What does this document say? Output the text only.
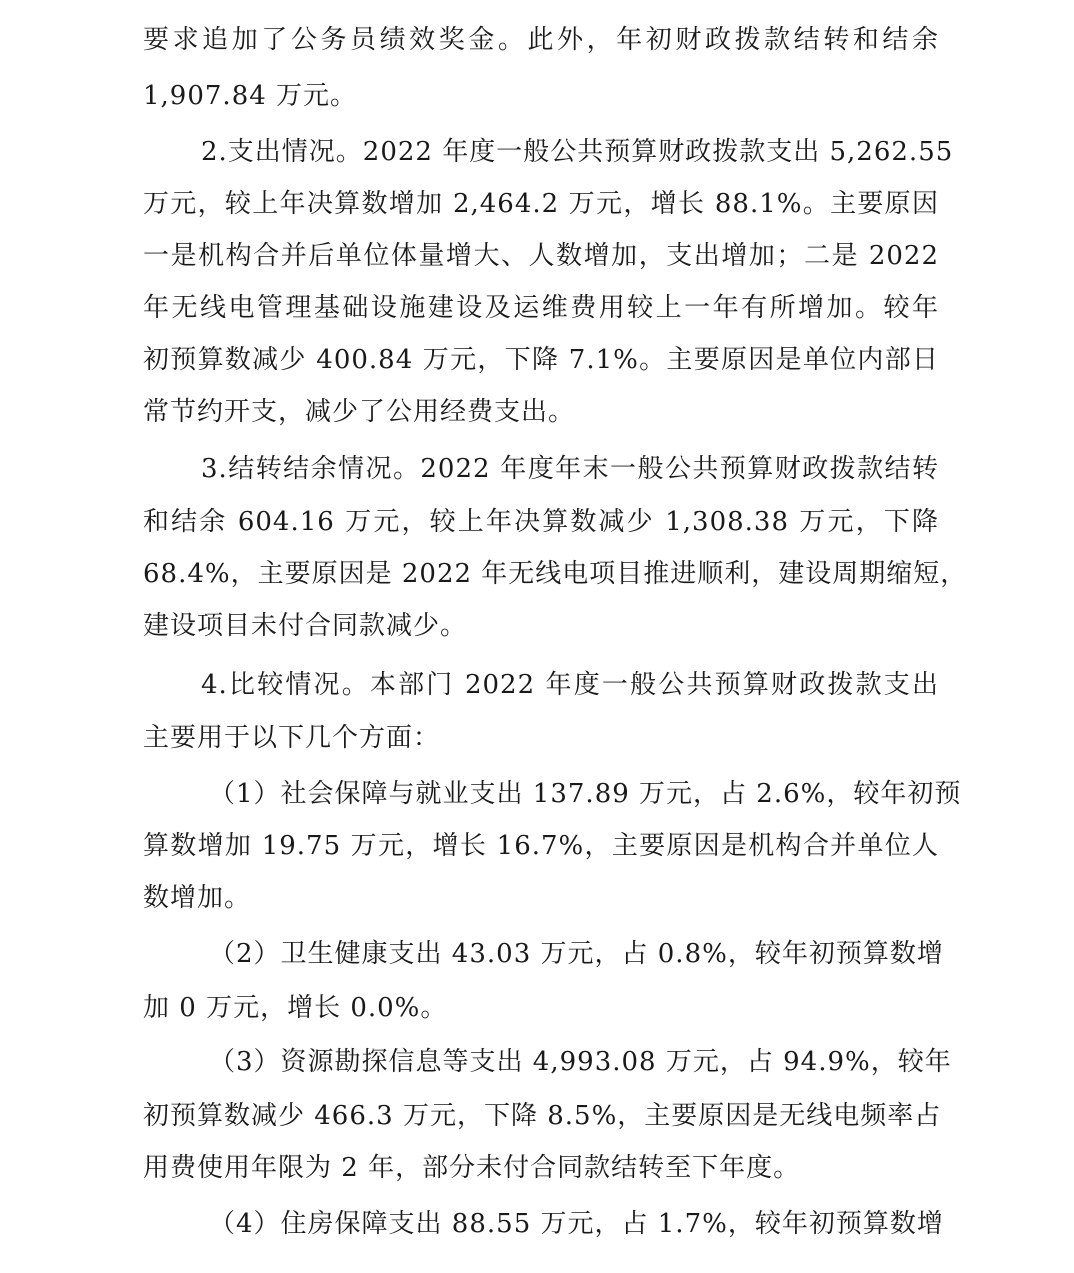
要求追加了公务员绩效奖金。此外，年初财政拨款结转和结余
1,907.84 万元。
2.支出情况。2022 年度一般公共预算财政拨款支出 5,262.55
万元，较上年决算数增加 2,464.2 万元，增长 88.1%。主要原因
一是机构合并后单位体量增大、人数增加，支出增加；二是 2022
年无线电管理基础设施建设及运维费用较上一年有所增加。较年
初预算数减少 400.84 万元，下降 7.1%。主要原因是单位内部日
常节约开支，减少了公用经费支出。
3.结转结余情况。2022 年度年末一般公共预算财政拨款结转
和结余 604.16 万元，较上年决算数减少 1,308.38 万元，下降
68.4%，主要原因是 2022 年无线电项目推进顺利，建设周期缩短，
建设项目未付合同款减少。
4.比较情况。本部门 2022 年度一般公共预算财政拨款支出
主要用于以下几个方面：
（1）社会保障与就业支出 137.89 万元，占 2.6%，较年初预
算数增加 19.75 万元，增长 16.7%，主要原因是机构合并单位人
数增加。
（2）卫生健康支出 43.03 万元，占 0.8%，较年初预算数增
加 0 万元，增长 0.0%。
（3）资源勘探信息等支出 4,993.08 万元，占 94.9%，较年
初预算数减少 466.3 万元，下降 8.5%，主要原因是无线电频率占
用费使用年限为 2 年，部分未付合同款结转至下年度。
（4）住房保障支出 88.55 万元，占 1.7%，较年初预算数增
